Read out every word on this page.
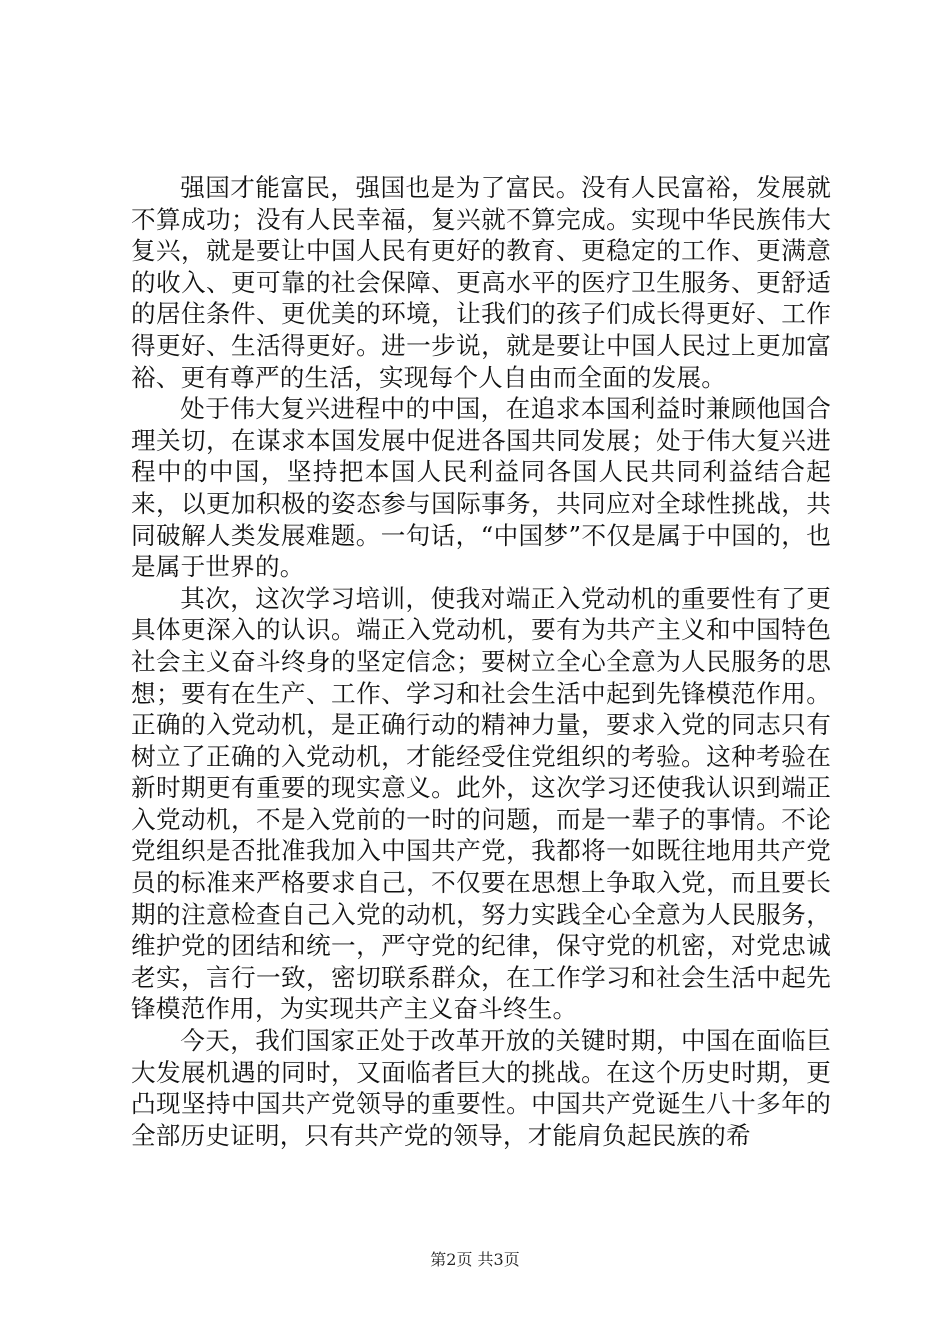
强国才能富民，强国也是为了富民。没有人民富裕，发展就不算成功；没有人民幸福，复兴就不算完成。实现中华民族伟大复兴，就是要让中国人民有更好的教育、更稳定的工作、更满意的收入、更可靠的社会保障、更高水平的医疗卫生服务、更舒适的居住条件、更优美的环境，让我们的孩子们成长得更好、工作得更好、生活得更好。进一步说，就是要让中国人民过上更加富裕、更有尊严的生活，实现每个人自由而全面的发展。

处于伟大复兴进程中的中国，在追求本国利益时兼顾他国合理关切，在谋求本国发展中促进各国共同发展；处于伟大复兴进程中的中国，坚持把本国人民利益同各国人民共同利益结合起来，以更加积极的姿态参与国际事务，共同应对全球性挑战，共同破解人类发展难题。一句话，“中国梦”不仅是属于中国的，也是属于世界的。

其次，这次学习培训，使我对端正入党动机的重要性有了更具体更深入的认识。端正入党动机，要有为共产主义和中国特色社会主义奋斗终身的坚定信念；要树立全心全意为人民服务的思想；要有在生产、工作、学习和社会生活中起到先锋模范作用。正确的入党动机，是正确行动的精神力量，要求入党的同志只有树立了正确的入党动机，才能经受住党组织的考验。这种考验在新时期更有重要的现实意义。此外，这次学习还使我认识到端正入党动机，不是入党前的一时的问题，而是一辈子的事情。不论党组织是否批准我加入中国共产党，我都将一如既往地用共产党员的标准来严格要求自己，不仅要在思想上争取入党，而且要长期的注意检查自己入党的动机，努力实践全心全意为人民服务，维护党的团结和统一，严守党的纪律，保守党的机密，对党忠诚老实，言行一致，密切联系群众，在工作学习和社会生活中起先锋模范作用，为实现共产主义奋斗终生。

今天，我们国家正处于改革开放的关键时期，中国在面临巨大发展机遇的同时，又面临者巨大的挑战。在这个历史时期，更凸现坚持中国共产党领导的重要性。中国共产党诞生八十多年的全部历史证明，只有共产党的领导，才能肩负起民族的希

第2页 共3页
